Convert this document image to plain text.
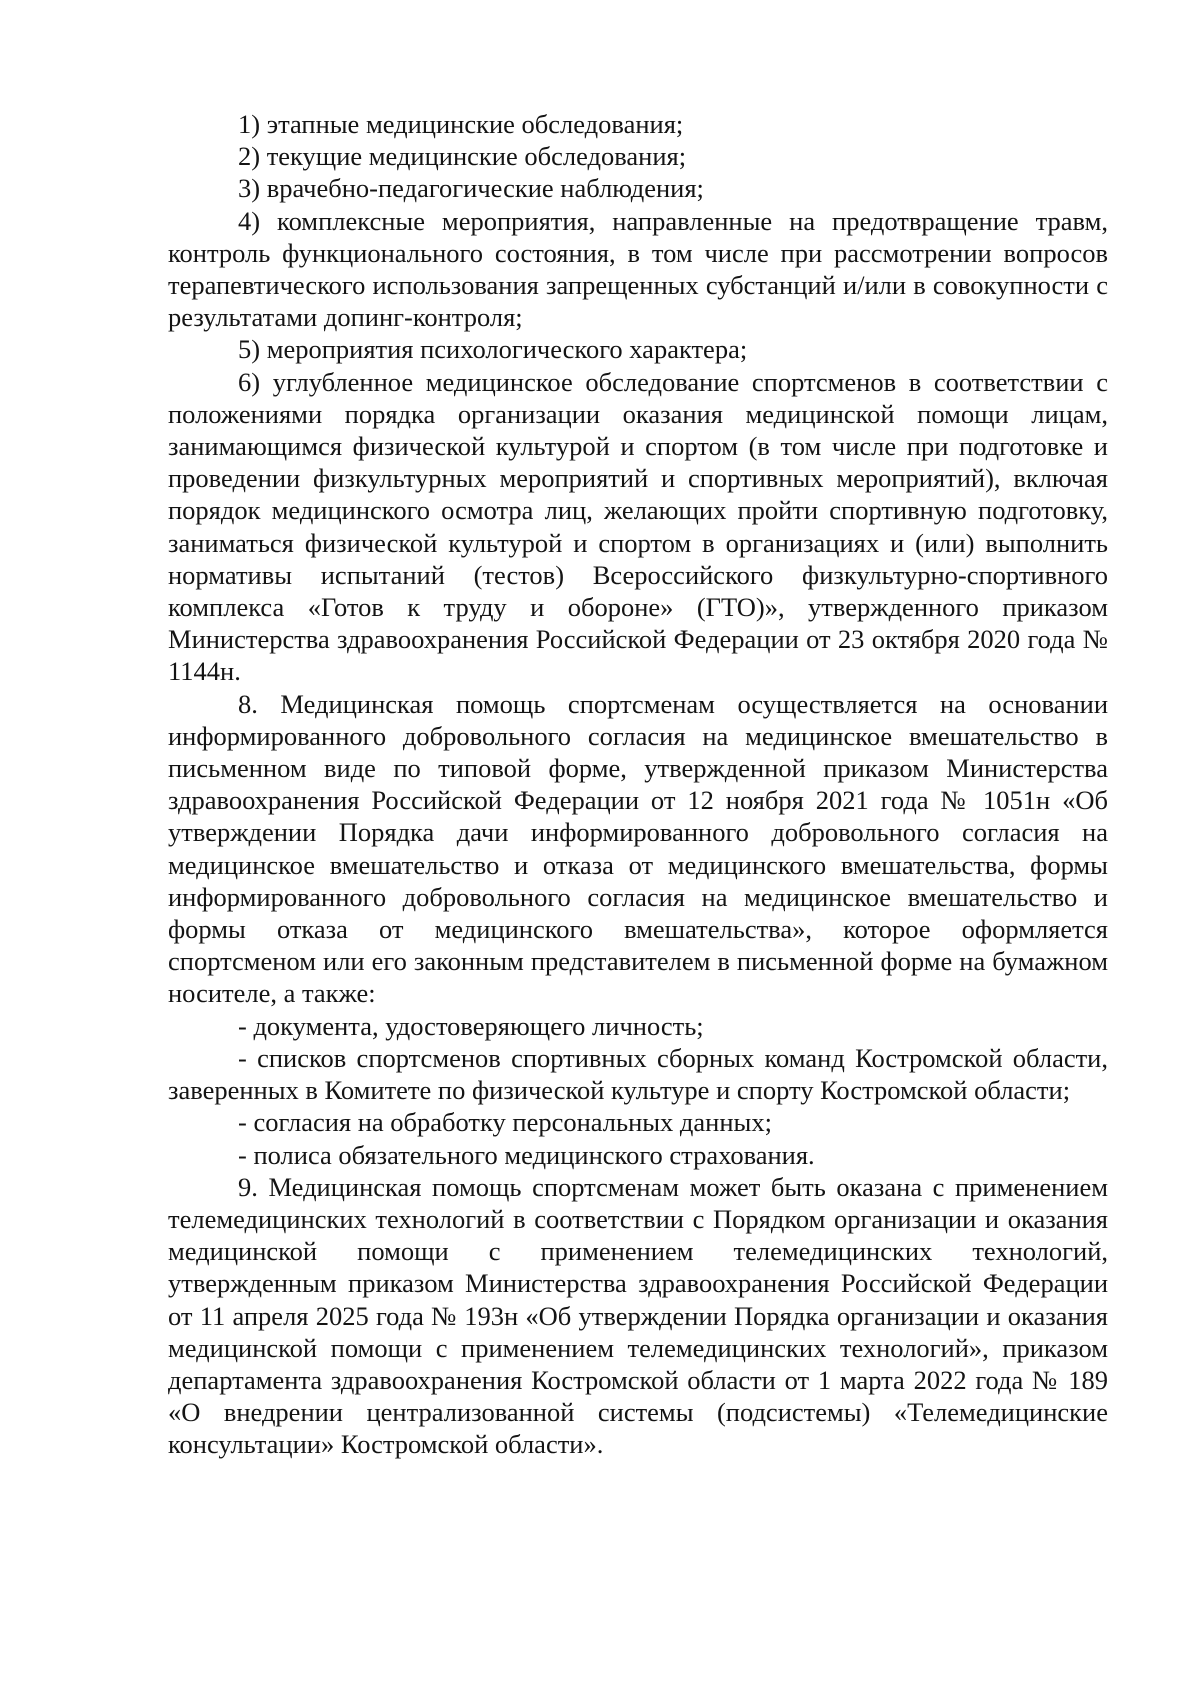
1) этапные медицинские обследования;

2) текущие медицинские обследования;

3) врачебно-педагогические наблюдения;

4) комплексные мероприятия, направленные на предотвращение травм, контроль функционального состояния, в том числе при рассмотрении вопросов терапевтического использования запрещенных субстанций и/или в совокупности с результатами допинг-контроля;

5) мероприятия психологического характера;

6) углубленное медицинское обследование спортсменов в соответствии с положениями порядка организации оказания медицинской помощи лицам, занимающимся физической культурой и спортом (в том числе при подготовке и проведении физкультурных мероприятий и спортивных мероприятий), включая порядок медицинского осмотра лиц, желающих пройти спортивную подготовку, заниматься физической культурой и спортом в организациях и (или) выполнить нормативы испытаний (тестов) Всероссийского физкультурно-спортивного комплекса «Готов к труду и обороне» (ГТО)», утвержденного приказом Министерства здравоохранения Российской Федерации от 23 октября 2020 года № 1144н.

8. Медицинская помощь спортсменам осуществляется на основании информированного добровольного согласия на медицинское вмешательство в письменном виде по типовой форме, утвержденной приказом Министерства здравоохранения Российской Федерации от 12 ноября 2021 года № 1051н «Об утверждении Порядка дачи информированного добровольного согласия на медицинское вмешательство и отказа от медицинского вмешательства, формы информированного добровольного согласия на медицинское вмешательство и формы отказа от медицинского вмешательства», которое оформляется спортсменом или его законным представителем в письменной форме на бумажном носителе, а также:

- документа, удостоверяющего личность;

- списков спортсменов спортивных сборных команд Костромской области, заверенных в Комитете по физической культуре и спорту Костромской области;

- согласия на обработку персональных данных;

- полиса обязательного медицинского страхования.

9. Медицинская помощь спортсменам может быть оказана с применением телемедицинских технологий в соответствии с Порядком организации и оказания медицинской помощи с применением телемедицинских технологий, утвержденным приказом Министерства здравоохранения Российской Федерации от 11 апреля 2025 года № 193н «Об утверждении Порядка организации и оказания медицинской помощи с применением телемедицинских технологий», приказом департамента здравоохранения Костромской области от 1 марта 2022 года № 189 «О внедрении централизованной системы (подсистемы) «Телемедицинские консультации» Костромской области».
